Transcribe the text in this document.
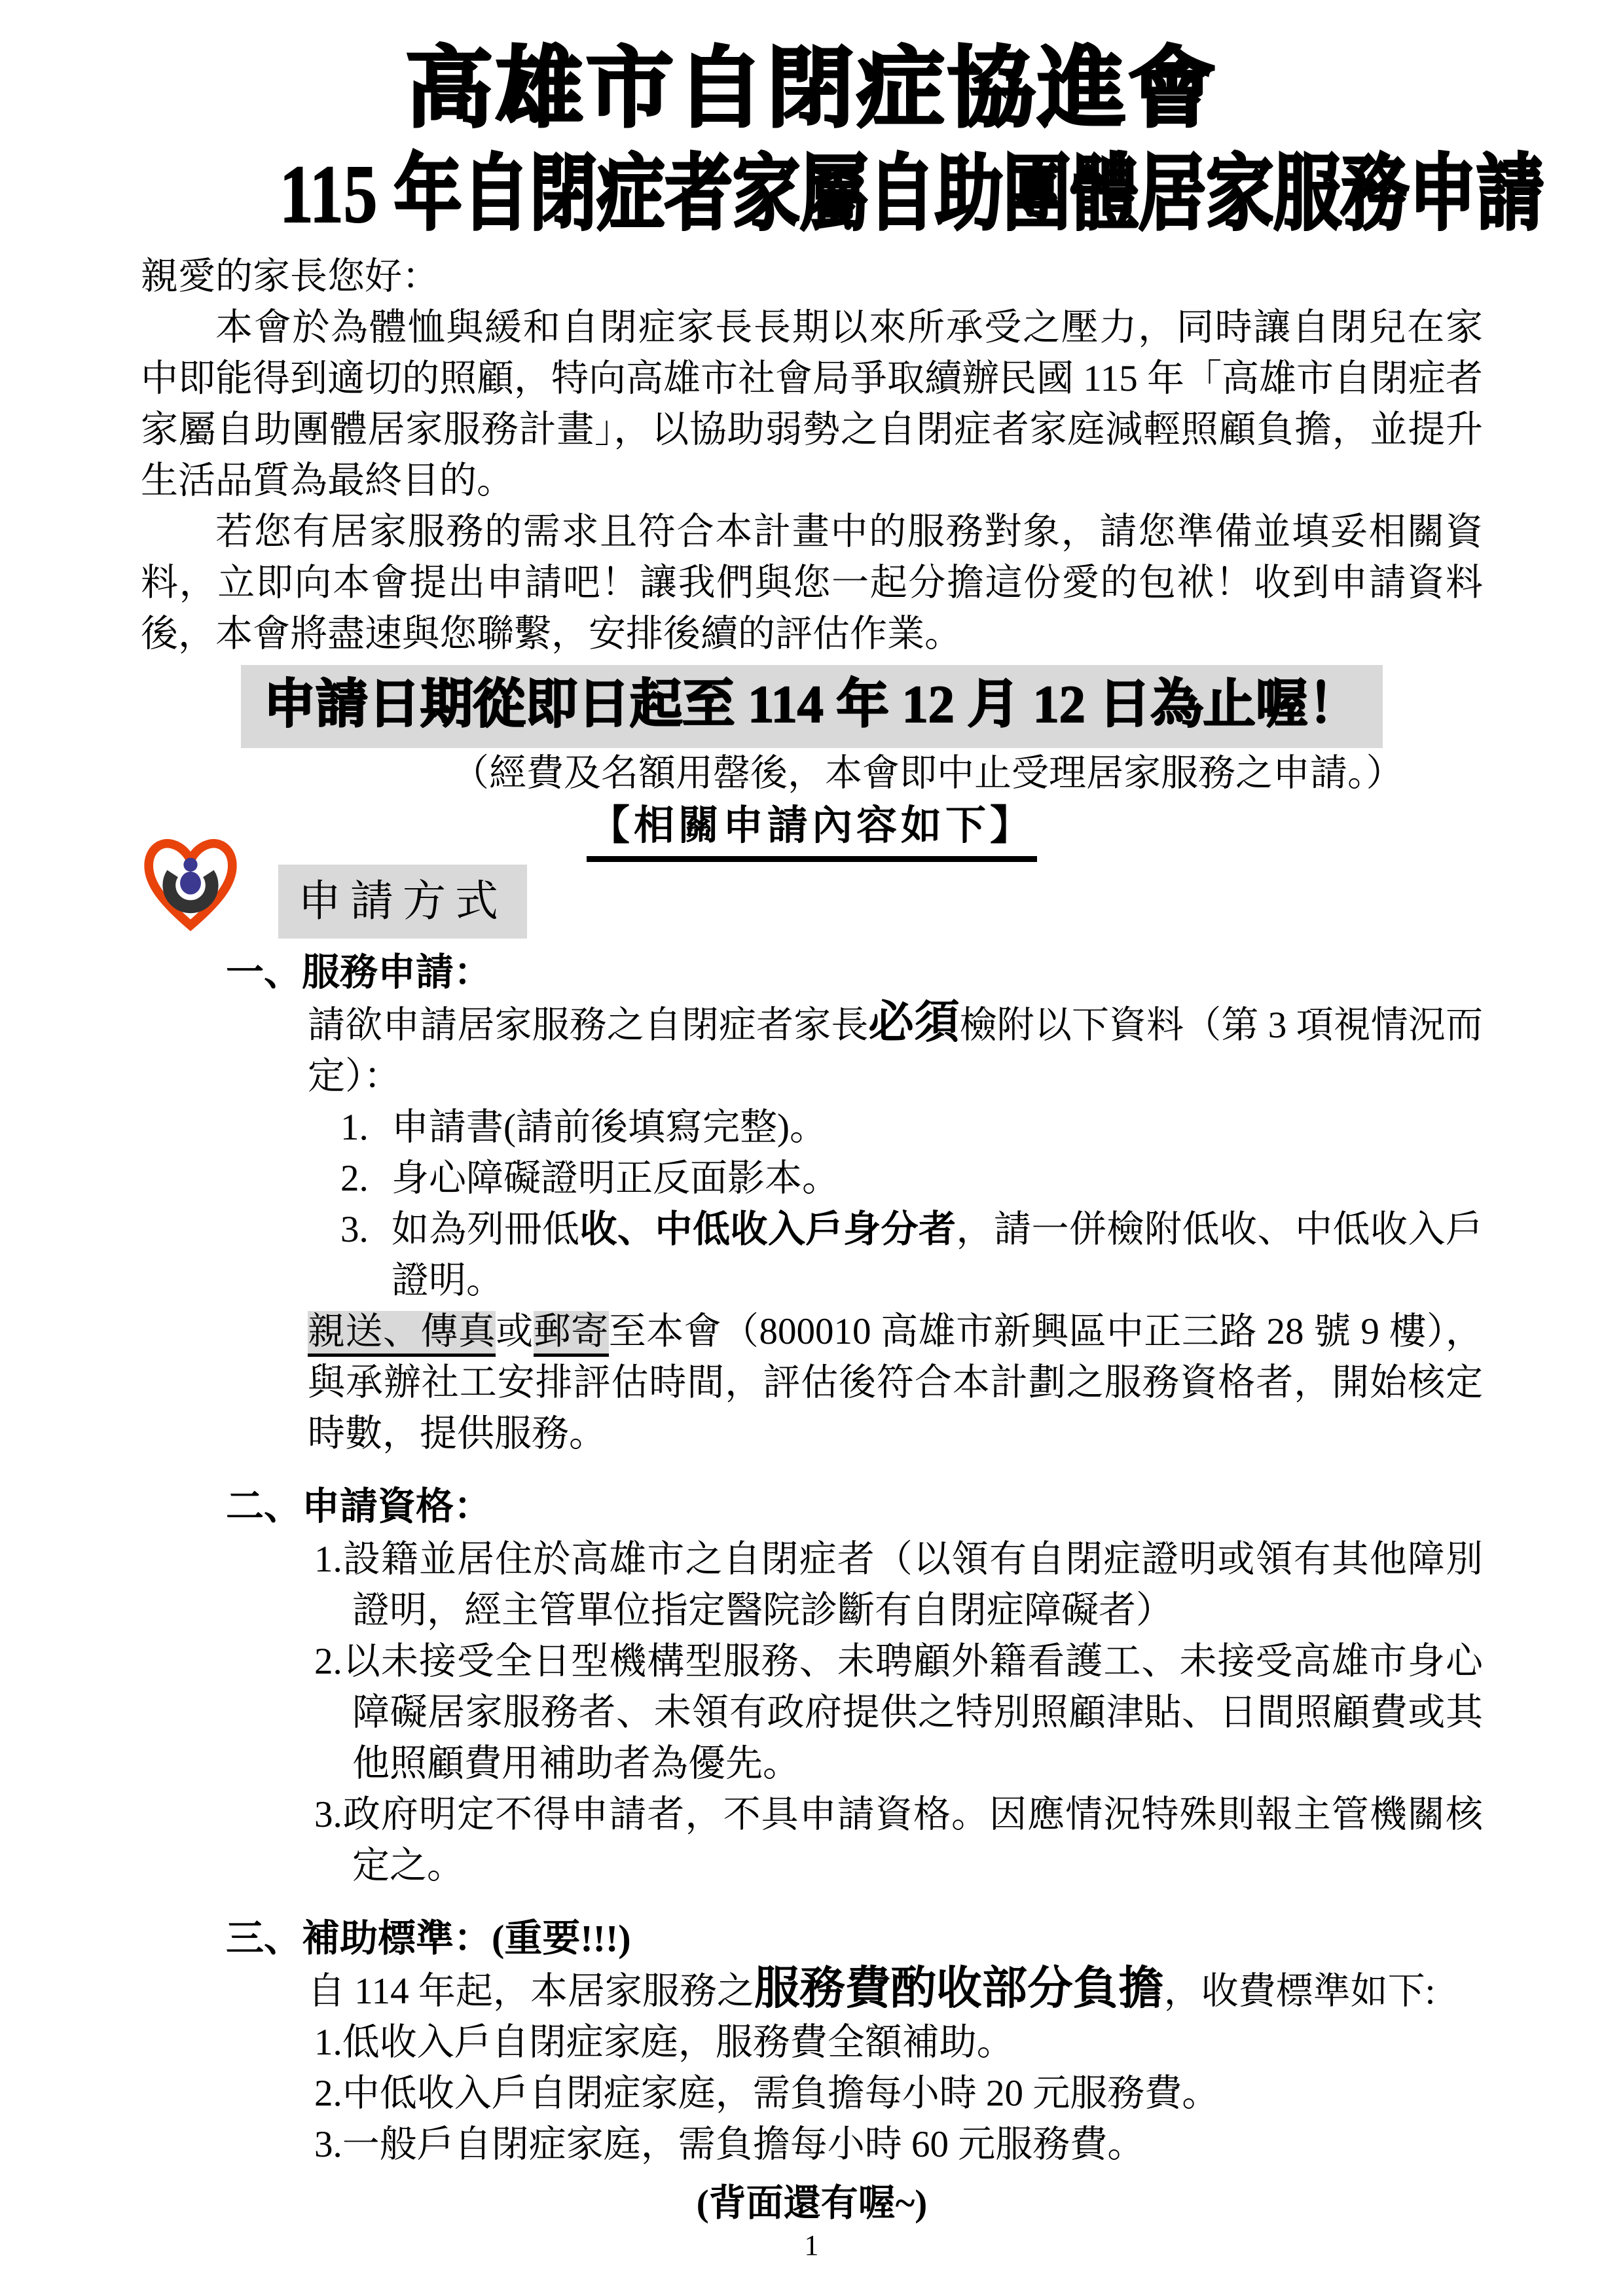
高雄市自閉症協進會
115 年自閉症者家屬自助團體居家服務申請
親愛的家長您好：
本會於為體恤與緩和自閉症家長長期以來所承受之壓力，同時讓自閉兒在家中即能得到適切的照顧，特向高雄市社會局爭取續辦民國 115 年「高雄市自閉症者家屬自助團體居家服務計畫」，以協助弱勢之自閉症者家庭減輕照顧負擔，並提升生活品質為最終目的。
若您有居家服務的需求且符合本計畫中的服務對象，請您準備並填妥相關資料，立即向本會提出申請吧！讓我們與您一起分擔這份愛的包袱！收到申請資料後，本會將盡速與您聯繫，安排後續的評估作業。
申請日期從即日起至 114 年 12 月 12 日為止喔！
（經費及名額用罄後，本會即中止受理居家服務之申請。）
【相關申請內容如下】
申請方式
一、服務申請：
請欲申請居家服務之自閉症者家長必須檢附以下資料（第 3 項視情況而定）：
1. 申請書(請前後填寫完整)。
2. 身心障礙證明正反面影本。
3. 如為列冊低收、中低收入戶身分者，請一併檢附低收、中低收入戶證明。
親送、傳真或郵寄至本會（800010 高雄市新興區中正三路 28 號 9 樓），與承辦社工安排評估時間，評估後符合本計劃之服務資格者，開始核定時數，提供服務。
二、申請資格：
1.設籍並居住於高雄市之自閉症者（以領有自閉症證明或領有其他障別證明，經主管單位指定醫院診斷有自閉症障礙者）
2.以未接受全日型機構型服務、未聘顧外籍看護工、未接受高雄市身心障礙居家服務者、未領有政府提供之特別照顧津貼、日間照顧費或其他照顧費用補助者為優先。
3.政府明定不得申請者，不具申請資格。因應情況特殊則報主管機關核定之。
三、補助標準：(重要!!!)
自 114 年起，本居家服務之服務費酌收部分負擔，收費標準如下:
1.低收入戶自閉症家庭，服務費全額補助。
2.中低收入戶自閉症家庭，需負擔每小時 20 元服務費。
3.一般戶自閉症家庭，需負擔每小時 60 元服務費。
(背面還有喔~)
1
